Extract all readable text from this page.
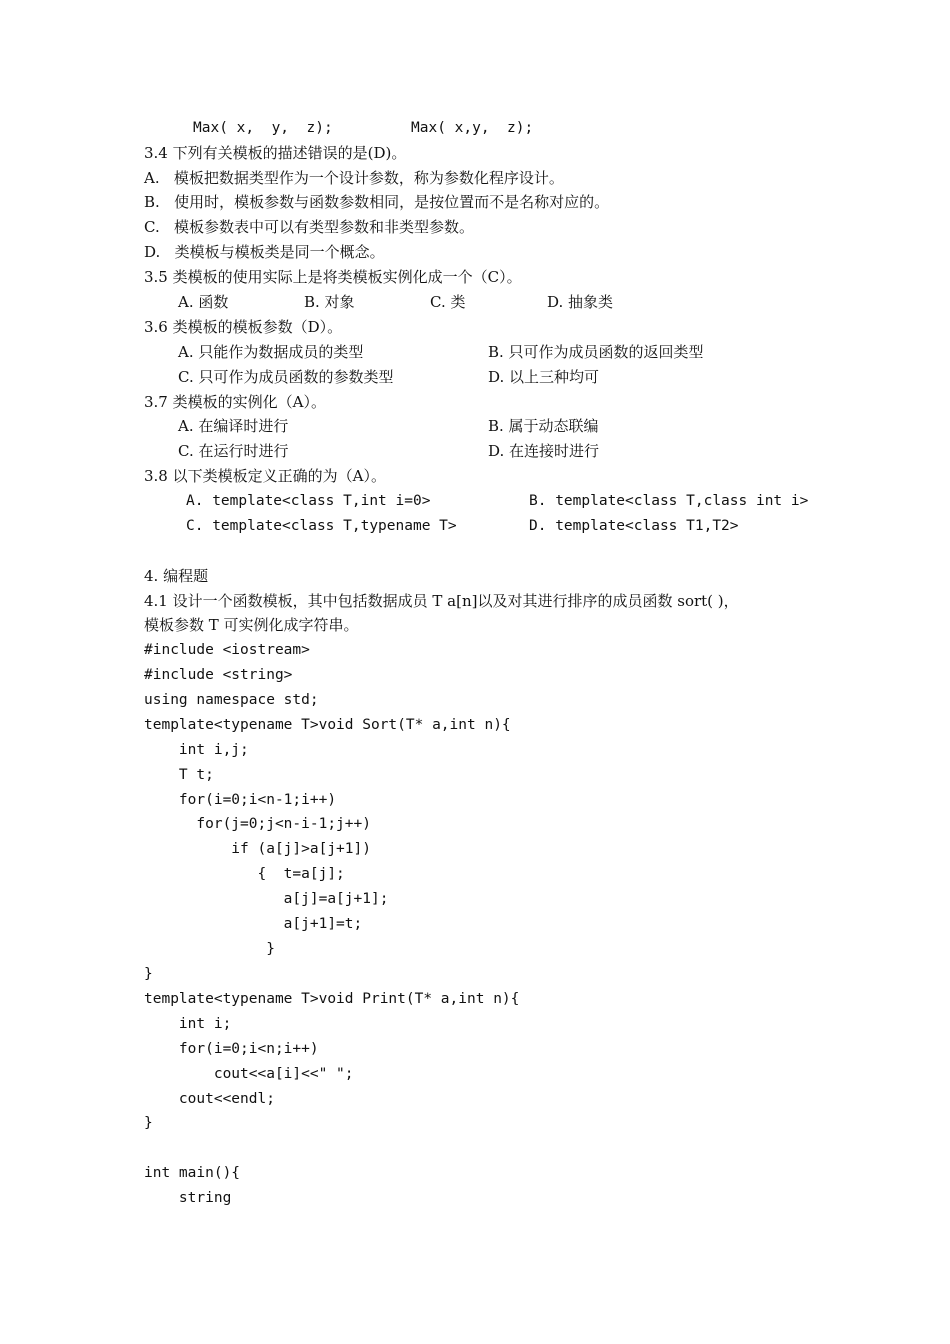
Max( x,  y,  z);	Max( x,y,  z);
3.4 下列有关模板的描述错误的是(D)。
A.   模板把数据类型作为一个设计参数，称为参数化程序设计。
B.   使用时，模板参数与函数参数相同，是按位置而不是名称对应的。
C.   模板参数表中可以有类型参数和非类型参数。
D.   类模板与模板类是同一个概念。
3.5 类模板的使用实际上是将类模板实例化成一个（C）。
A. 函数	B. 对象	C. 类	D. 抽象类
3.6 类模板的模板参数（D）。
A. 只能作为数据成员的类型	B. 只可作为成员函数的返回类型
C. 只可作为成员函数的参数类型	D. 以上三种均可
3.7 类模板的实例化（A）。
A. 在编译时进行	B. 属于动态联编
C. 在运行时进行	D. 在连接时进行
3.8 以下类模板定义正确的为（A）。
A. template<class T,int i=0>	B. template<class T,class int i>
C. template<class T,typename T>	D. template<class T1,T2>
4. 编程题
4.1 设计一个函数模板，其中包括数据成员 T a[n]以及对其进行排序的成员函数 sort( )，
模板参数 T 可实例化成字符串。
#include <iostream>
#include <string>
using namespace std;
template<typename T>void Sort(T* a,int n){
int i,j;
T t;
for(i=0;i<n-1;i++)
for(j=0;j<n-i-1;j++)
if (a[j]>a[j+1])
{  t=a[j];
a[j]=a[j+1];
a[j+1]=t;
}
}
template<typename T>void Print(T* a,int n){
int i;
for(i=0;i<n;i++)
cout<<a[i]<<" ";
cout<<endl;
}
int main(){
string
